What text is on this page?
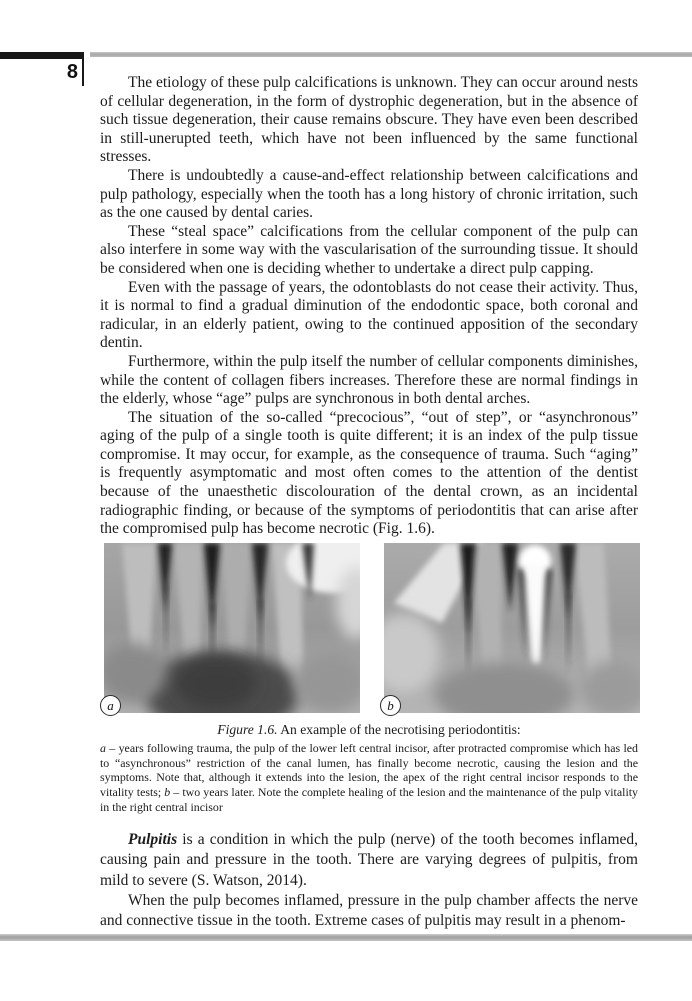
8	The etiology of these pulp calcifications is unknown. They can occur around nests of cellular degeneration, in the form of dystrophic degeneration, but in the absence of such tissue degeneration, their cause remains obscure. They have even been described in still-unerupted teeth, which have not been influenced by the same functional stresses.

There is undoubtedly a cause-and-effect relationship between calcifications and pulp pathology, especially when the tooth has a long history of chronic irritation, such as the one caused by dental caries.

These “steal space” calcifications from the cellular component of the pulp can also interfere in some way with the vascularisation of the surrounding tissue. It should be considered when one is deciding whether to undertake a direct pulp capping.

Even with the passage of years, the odontoblasts do not cease their activity. Thus, it is normal to find a gradual diminution of the endodontic space, both coronal and radicular, in an elderly patient, owing to the continued apposition of the secondary dentin.

Furthermore, within the pulp itself the number of cellular components diminishes, while the content of collagen fibers increases. Therefore these are normal findings in the elderly, whose “age” pulps are synchronous in both dental arches.

The situation of the so-called “precocious”, “out of step”, or “asynchronous” aging of the pulp of a single tooth is quite different; it is an index of the pulp tissue compromise. It may occur, for example, as the consequence of trauma. Such “aging” is frequently asymptomatic and most often comes to the attention of the dentist because of the unaesthetic discolouration of the dental crown, as an incidental radiographic finding, or because of the symptoms of periodontitis that can arise after the compromised pulp has become necrotic (Fig. 1.6).

a	b
Figure 1.6. An example of the necrotising periodontitis:
a – years following trauma, the pulp of the lower left central incisor, after protracted compromise which has led to “asynchronous” restriction of the canal lumen, has finally become necrotic, causing the lesion and the symptoms. Note that, although it extends into the lesion, the apex of the right central incisor responds to the vitality tests; b – two years later. Note the complete healing of the lesion and the maintenance of the pulp vitality in the right central incisor

Pulpitis is a condition in which the pulp (nerve) of the tooth becomes inflamed, causing pain and pressure in the tooth. There are varying degrees of pulpitis, from mild to severe (S. Watson, 2014).

When the pulp becomes inflamed, pressure in the pulp chamber affects the nerve and connective tissue in the tooth. Extreme cases of pulpitis may result in a phenom-
